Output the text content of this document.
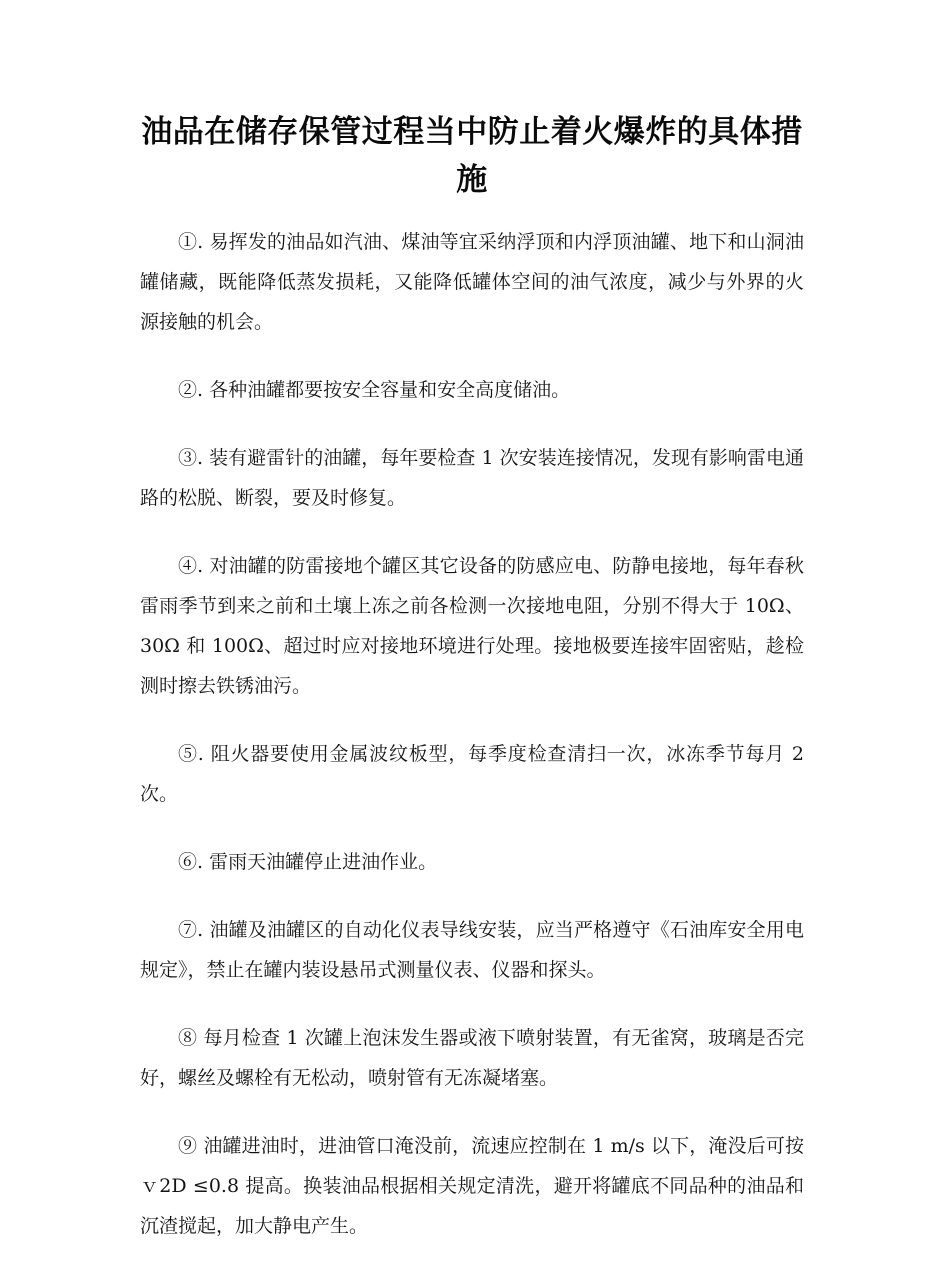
油品在储存保管过程当中防止着火爆炸的具体措施

①. 易挥发的油品如汽油、煤油等宜采纳浮顶和内浮顶油罐、地下和山洞油罐储藏，既能降低蒸发损耗，又能降低罐体空间的油气浓度，减少与外界的火源接触的机会。

②. 各种油罐都要按安全容量和安全高度储油。

③. 装有避雷针的油罐，每年要检查 1 次安装连接情况，发现有影响雷电通路的松脱、断裂，要及时修复。

④. 对油罐的防雷接地个罐区其它设备的防感应电、防静电接地，每年春秋雷雨季节到来之前和土壤上冻之前各检测一次接地电阻，分别不得大于 10Ω、30Ω 和 100Ω、超过时应对接地环境进行处理。接地极要连接牢固密贴，趁检测时擦去铁锈油污。

⑤. 阻火器要使用金属波纹板型，每季度检查清扫一次，冰冻季节每月 2 次。

⑥. 雷雨天油罐停止进油作业。

⑦. 油罐及油罐区的自动化仪表导线安装，应当严格遵守《石油库安全用电规定》，禁止在罐内装设悬吊式测量仪表、仪器和探头。

⑧ 每月检查 1 次罐上泡沫发生器或液下喷射装置，有无雀窝，玻璃是否完好，螺丝及螺栓有无松动，喷射管有无冻凝堵塞。

⑨ 油罐进油时，进油管口淹没前，流速应控制在 1 m/s 以下，淹没后可按 ｖ2D ≤0.8 提高。换装油品根据相关规定清洗，避开将罐底不同品种的油品和沉渣搅起，加大静电产生。
